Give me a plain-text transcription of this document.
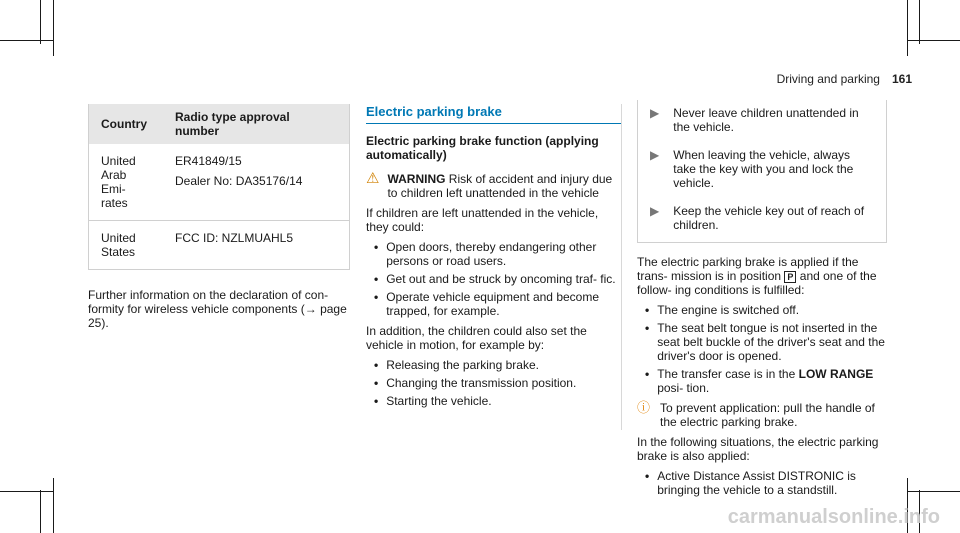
Driving and parking 161
Country	Radio type approval number
United Arab Emi- rates	ER41849/15

Dealer No: DA35176/14

United States	FCC ID: NZLMUAHL5

Further information on the declaration of con- formity for wireless vehicle components (→ page 25).
Electric parking brake
Electric parking brake function (applying automatically)
⚠ WARNING Risk of accident and injury due to children left unattended in the vehicle
If children are left unattended in the vehicle, they could:
• Open doors, thereby endangering other persons or road users.
• Get out and be struck by oncoming traf- fic.
• Operate vehicle equipment and become trapped, for example.
In addition, the children could also set the vehicle in motion, for example by:
• Releasing the parking brake.
• Changing the transmission position.
• Starting the vehicle.
▶ Never leave children unattended in the vehicle.
▶ When leaving the vehicle, always take the key with you and lock the vehicle.
▶ Keep the vehicle key out of reach of children.
The electric parking brake is applied if the trans- mission is in position P and one of the follow- ing conditions is fulfilled:
• The engine is switched off.
• The seat belt tongue is not inserted in the seat belt buckle of the driver's seat and the driver's door is opened.
• The transfer case is in the LOW RANGE posi- tion.
ⓘ To prevent application: pull the handle of the electric parking brake.
In the following situations, the electric parking brake is also applied:
• Active Distance Assist DISTRONIC is bringing the vehicle to a standstill.
carmanualsonline.info
